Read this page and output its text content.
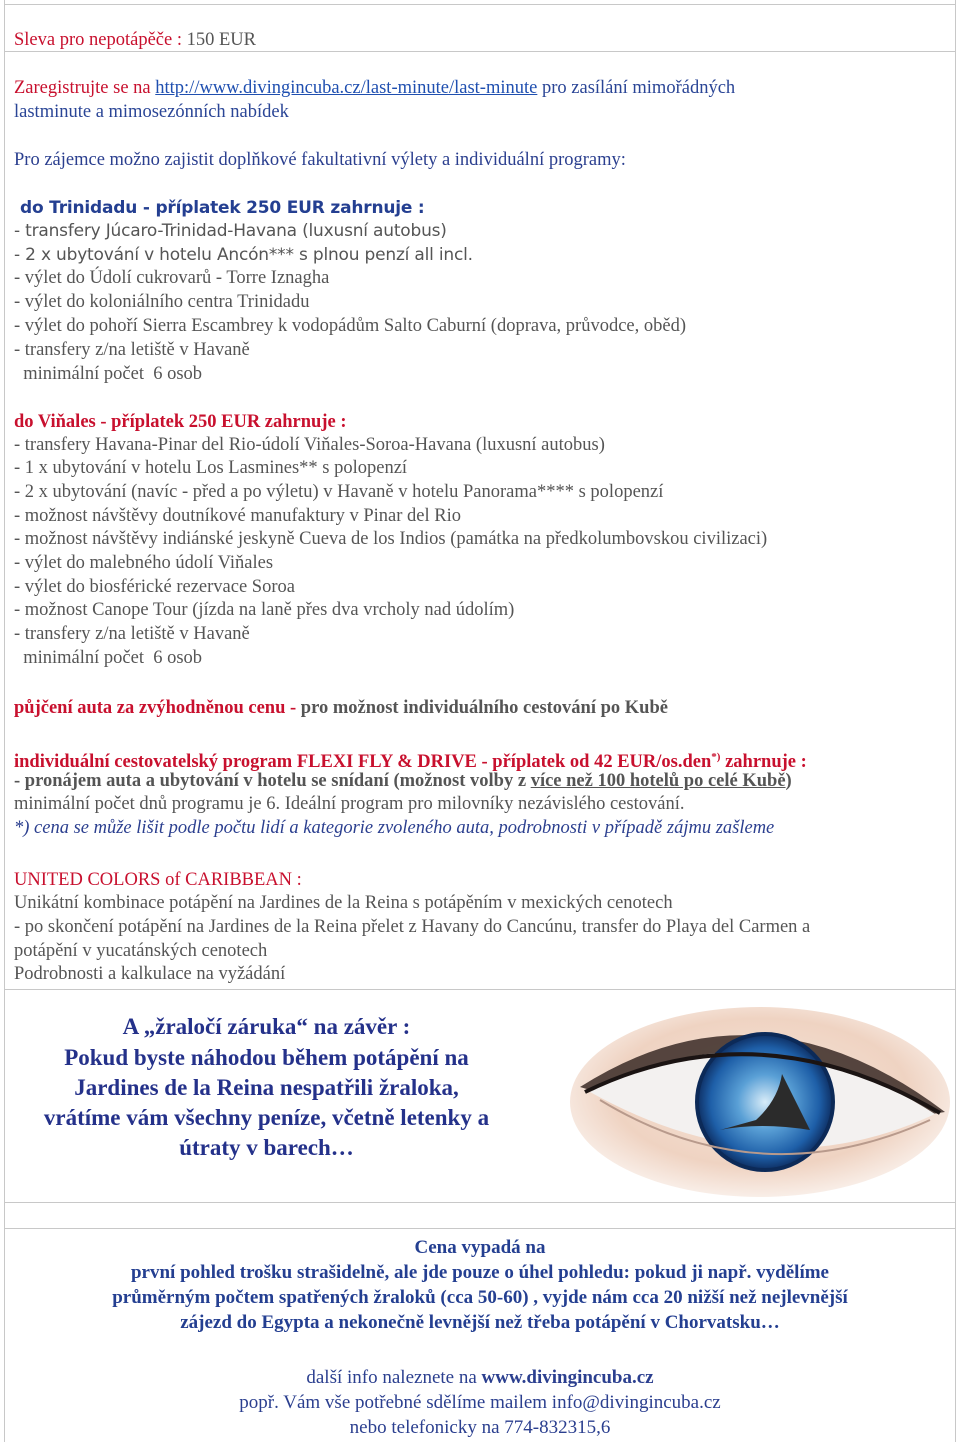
Sleva pro nepotápěče : 150 EUR
Zaregistrujte se na http://www.divingincuba.cz/last-minute/last-minute pro zasílání mimořádných
lastminute a mimosezónních nabídek
Pro zájemce možno zajistit doplňkové fakultativní výlety a individuální programy:
do Trinidadu - příplatek 250 EUR zahrnuje :
- transfery Júcaro-Trinidad-Havana (luxusní autobus)
- 2 x ubytování v hotelu Ancón*** s plnou penzí all incl.
- výlet do Údolí cukrovarů - Torre Iznagha
- výlet do koloniálního centra Trinidadu
- výlet do pohoří Sierra Escambrey k vodopádům Salto Caburní (doprava, průvodce, oběd)
- transfery z/na letiště v Havaně
minimální počet  6 osob
do Viňales - příplatek 250 EUR zahrnuje :
- transfery Havana-Pinar del Rio-údolí Viňales-Soroa-Havana (luxusní autobus)
- 1 x ubytování v hotelu Los Lasmines** s polopenzí
- 2 x ubytování (navíc - před a po výletu) v Havaně v hotelu Panorama**** s polopenzí
- možnost návštěvy doutníkové manufaktury v Pinar del Rio
- možnost návštěvy indiánské jeskyně Cueva de los Indios (památka na předkolumbovskou civilizaci)
- výlet do malebného údolí Viňales
- výlet do biosférické rezervace Soroa
- možnost Canope Tour (jízda na laně přes dva vrcholy nad údolím)
- transfery z/na letiště v Havaně
minimální počet  6 osob
půjčení auta za zvýhodněnou cenu - pro možnost individuálního cestování po Kubě
individuální cestovatelský program FLEXI FLY & DRIVE - příplatek od 42 EUR/os.den*) zahrnuje :
- pronájem auta a ubytování v hotelu se snídaní (možnost volby z více než 100 hotelů po celé Kubě)
minimální počet dnů programu je 6. Ideální program pro milovníky nezávislého cestování.
*) cena se může lišit podle počtu lidí a kategorie zvoleného auta, podrobnosti v případě zájmu zašleme
UNITED COLORS of CARIBBEAN :
Unikátní kombinace potápění na Jardines de la Reina s potápěním v mexických cenotech
- po skončení potápění na Jardines de la Reina přelet z Havany do Cancúnu, transfer do Playa del Carmen a
potápění v yucatánských cenotech
Podrobnosti a kalkulace na vyžádání
A „žraločí záruka“ na závěr :
Pokud byste náhodou během potápění na
Jardines de la Reina nespatřili žraloka,
vrátíme vám všechny peníze, včetně letenky a
útraty v barech…
Cena vypadá na
první pohled trošku strašidelně, ale jde pouze o úhel pohledu: pokud ji např. vydělíme
průměrným počtem spatřených žraloků (cca 50-60) , vyjde nám cca 20 nižší než nejlevnější
zájezd do Egypta a nekonečně levnější než třeba potápění v Chorvatsku…
další info naleznete na www.divingincuba.cz
popř. Vám vše potřebné sdělíme mailem info@divingincuba.cz
nebo telefonicky na 774-832315,6
